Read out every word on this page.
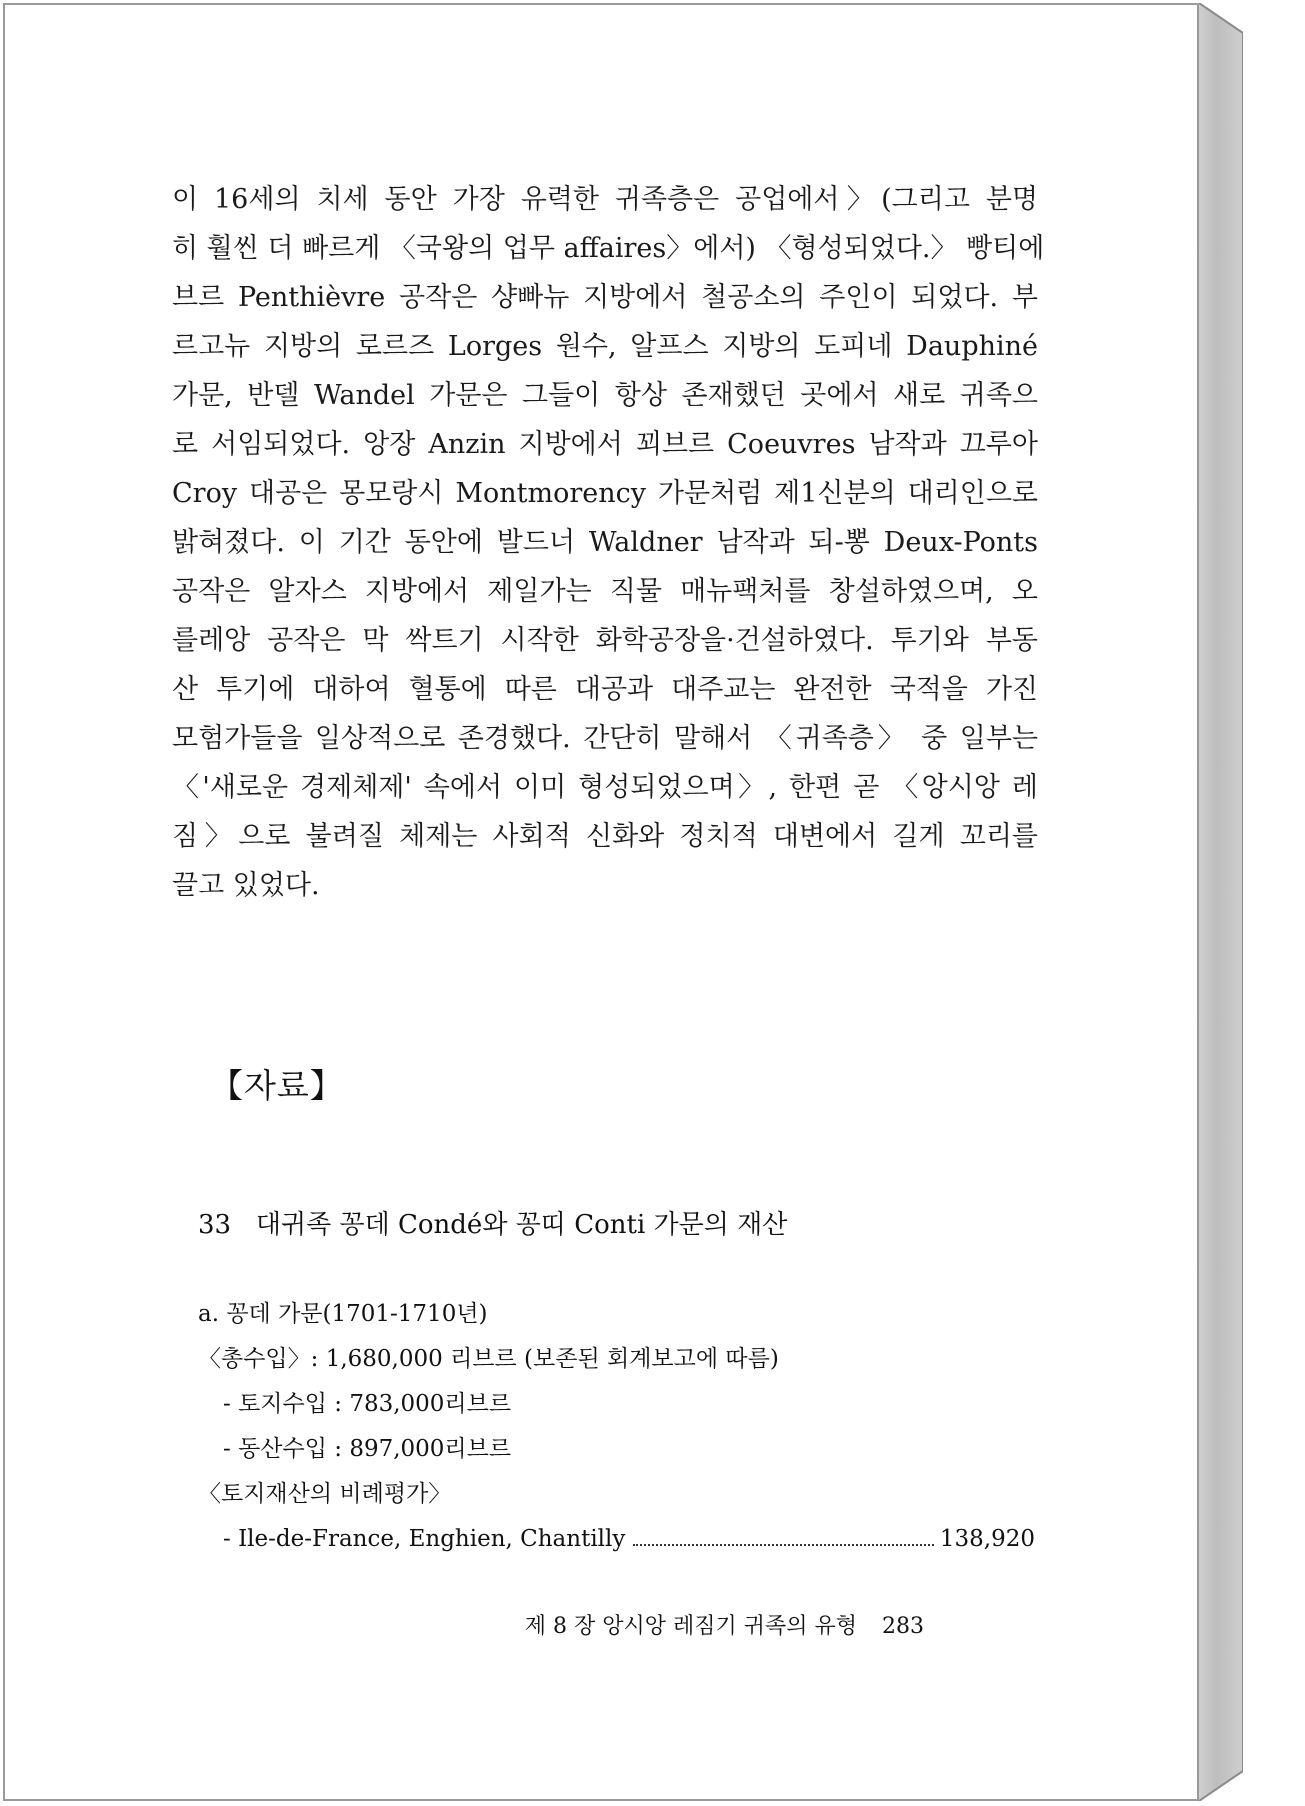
이 16세의 치세 동안 가장 유력한 귀족층은 공업에서〉(그리고 분명
히 훨씬 더 빠르게 〈국왕의 업무 affaires〉에서) 〈형성되었다.〉 빵티에
브르 Penthièvre 공작은 샹빠뉴 지방에서 철공소의 주인이 되었다. 부
르고뉴 지방의 로르즈 Lorges 원수, 알프스 지방의 도피네 Dauphiné
가문, 반델 Wandel 가문은 그들이 항상 존재했던 곳에서 새로 귀족으
로 서임되었다. 앙장 Anzin 지방에서 꾀브르 Coeuvres 남작과 끄루아
Croy 대공은 몽모랑시 Montmorency 가문처럼 제1신분의 대리인으로
밝혀졌다. 이 기간 동안에 발드너 Waldner 남작과 되-뽕 Deux-Ponts
공작은 알자스 지방에서 제일가는 직물 매뉴팩처를 창설하였으며, 오
를레앙 공작은 막 싹트기 시작한 화학공장을·건설하였다. 투기와 부동
산 투기에 대하여 혈통에 따른 대공과 대주교는 완전한 국적을 가진
모험가들을 일상적으로 존경했다. 간단히 말해서 〈귀족층〉 중 일부는
〈'새로운 경제체제' 속에서 이미 형성되었으며〉, 한편 곧 〈앙시앙 레
짐〉으로 불려질 체제는 사회적 신화와 정치적 대변에서 길게 꼬리를
끌고 있었다.
【자료】
33 대귀족 꽁데 Condé와 꽁띠 Conti 가문의 재산
a. 꽁데 가문(1701-1710년)
〈총수입〉: 1,680,000 리브르 (보존된 회계보고에 따름)
- 토지수입 : 783,000리브르
- 동산수입 : 897,000리브르
〈토지재산의 비례평가〉
- Ile-de-France, Enghien, Chantilly	138,920
제 8 장 앙시앙 레짐기 귀족의 유형 283
